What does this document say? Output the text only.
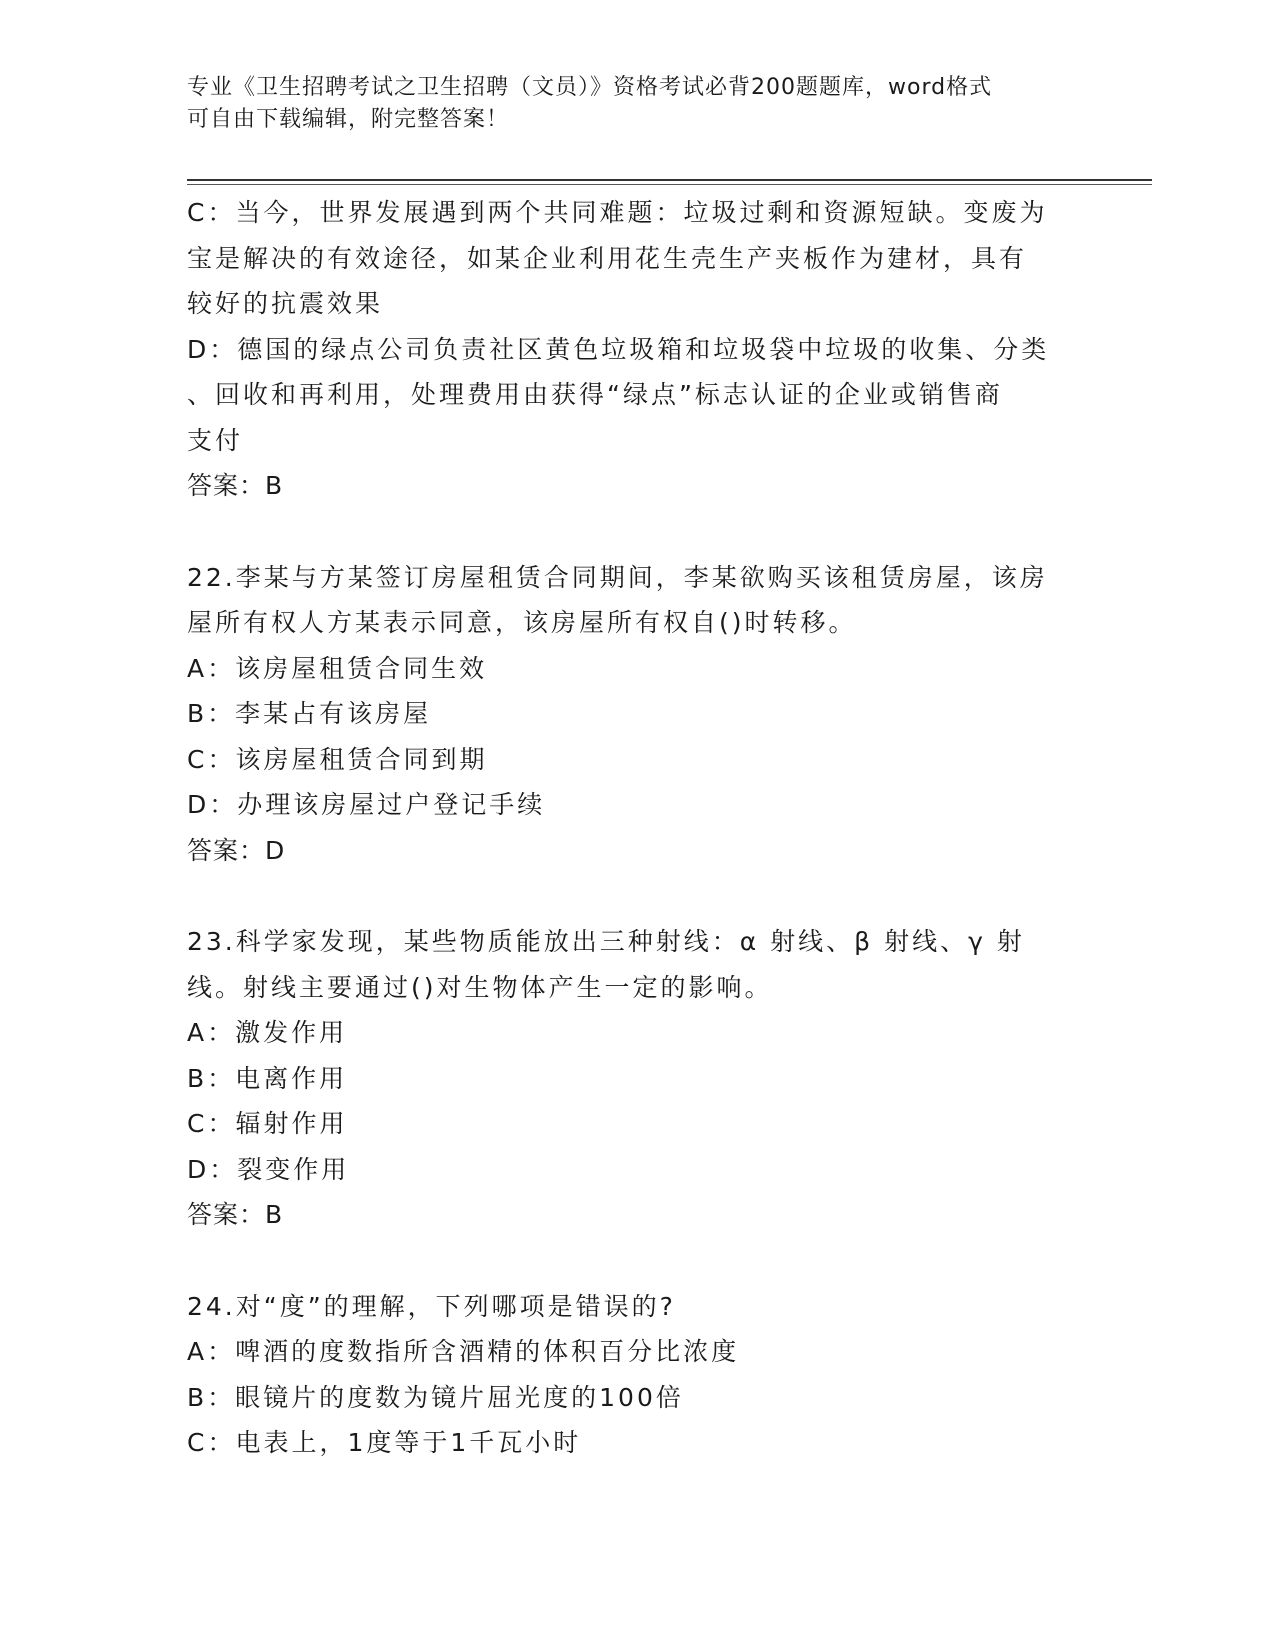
专业《卫生招聘考试之卫生招聘（文员）》资格考试必背200题题库，word格式
可自由下载编辑，附完整答案！

C：当今，世界发展遇到两个共同难题：垃圾过剩和资源短缺。变废为

宝是解决的有效途径，如某企业利用花生壳生产夹板作为建材，具有

较好的抗震效果

D：德国的绿点公司负责社区黄色垃圾箱和垃圾袋中垃圾的收集、分类

、回收和再利用，处理费用由获得“绿点”标志认证的企业或销售商

支付

答案：B

22.李某与方某签订房屋租赁合同期间，李某欲购买该租赁房屋，该房

屋所有权人方某表示同意，该房屋所有权自()时转移。

A：该房屋租赁合同生效

B：李某占有该房屋

C：该房屋租赁合同到期

D：办理该房屋过户登记手续

答案：D

23.科学家发现，某些物质能放出三种射线：α 射线、β 射线、γ 射

线。射线主要通过()对生物体产生一定的影响。

A：激发作用

B：电离作用

C：辐射作用

D：裂变作用

答案：B

24.对“度”的理解，下列哪项是错误的?

A：啤酒的度数指所含酒精的体积百分比浓度

B：眼镜片的度数为镜片屈光度的100倍

C：电表上，1度等于1千瓦小时
